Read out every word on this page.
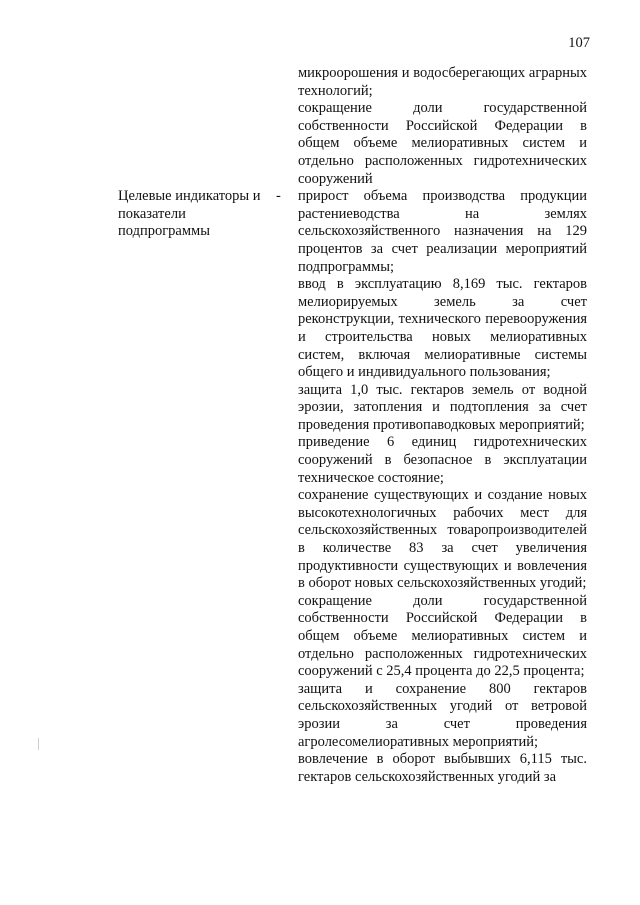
107
Целевые индикаторы и
показатели
подпрограммы
-

микроорошения и водосберегающих аграрных технологий;

сокращение доли государственной собственности Российской Федерации в общем объеме мелиоративных систем и отдельно расположенных гидротехнических сооружений

прирост объема производства продукции растениеводства на землях сельскохозяйственного назначения на 129 процентов за счет реализации мероприятий подпрограммы;

ввод в эксплуатацию 8,169 тыс. гектаров мелиорируемых земель за счет реконструкции, технического перевооружения и строительства новых мелиоративных систем, включая мелиоративные системы общего и индивидуального пользования;

защита 1,0 тыс. гектаров земель от водной эрозии, затопления и подтопления за счет проведения противопаводковых мероприятий;

приведение 6 единиц гидротехнических сооружений в безопасное в эксплуатации техническое состояние;

сохранение существующих и создание новых высокотехнологичных рабочих мест для сельскохозяйственных товаропроизводителей в количестве 83 за счет увеличения продуктивности существующих и вовлечения в оборот новых сельскохозяйственных угодий;

сокращение доли государственной собственности Российской Федерации в общем объеме мелиоративных систем и отдельно расположенных гидротехнических сооружений с 25,4 процента до 22,5 процента;

защита и сохранение 800 гектаров сельскохозяйственных угодий от ветровой эрозии за счет проведения агролесомелиоративных мероприятий;

вовлечение в оборот выбывших 6,115 тыс. гектаров сельскохозяйственных угодий за
